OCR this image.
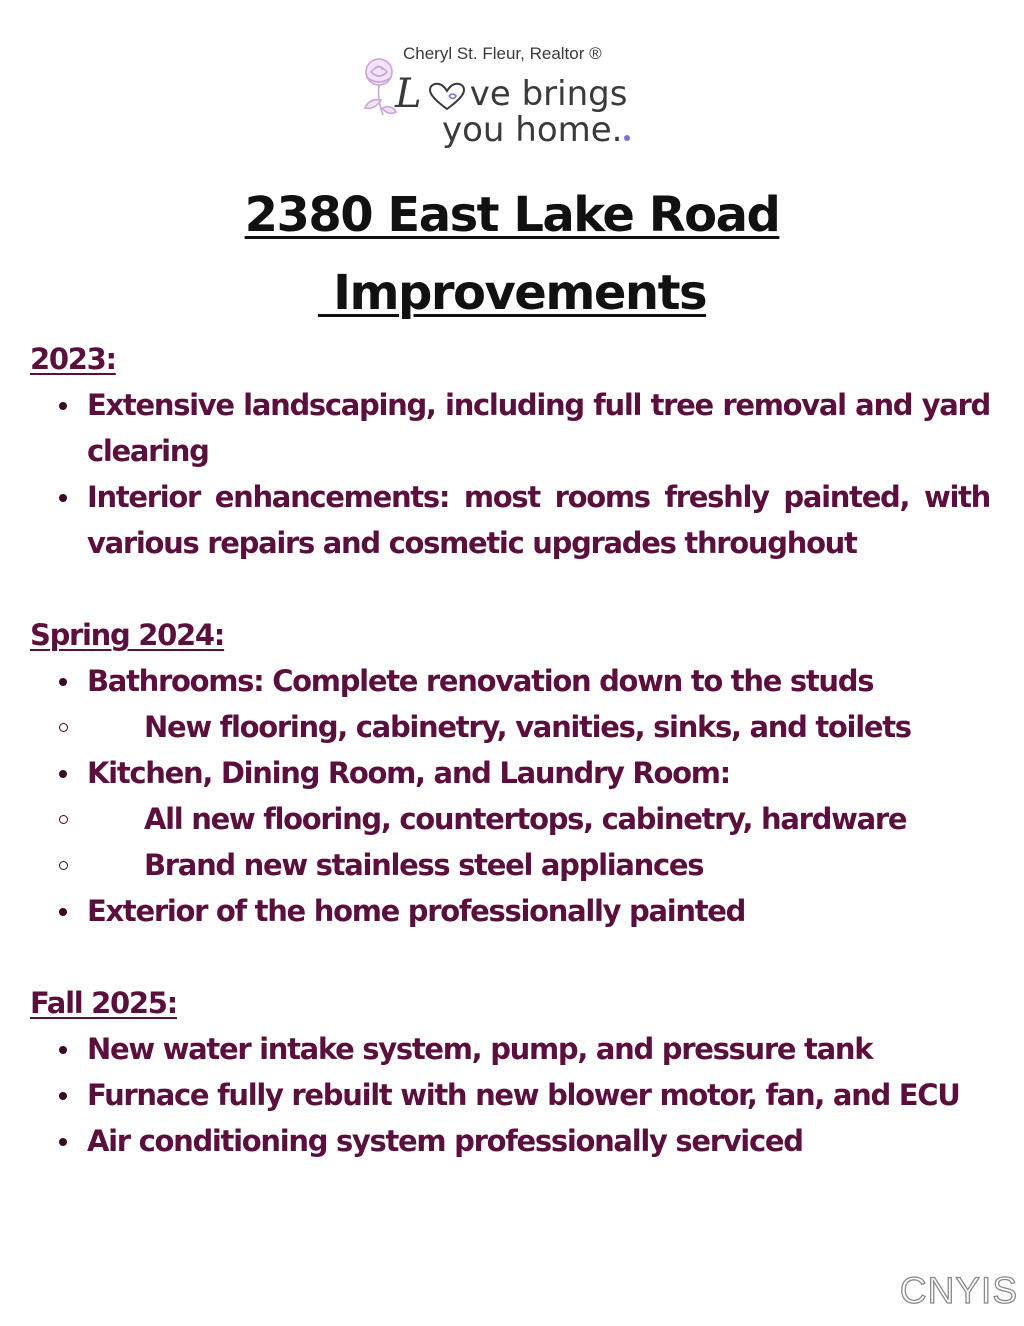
Cheryl St. Fleur, Realtor ®
L ve brings
you home.
2380 East Lake Road
Improvements
2023:
Extensive landscaping, including full tree removal and yard clearing
Interior enhancements: most rooms freshly painted, with various repairs and cosmetic upgrades throughout
Spring 2024:
Bathrooms: Complete renovation down to the studs
New flooring, cabinetry, vanities, sinks, and toilets
Kitchen, Dining Room, and Laundry Room:
All new flooring, countertops, cabinetry, hardware
Brand new stainless steel appliances
Exterior of the home professionally painted
Fall 2025:
New water intake system, pump, and pressure tank
Furnace fully rebuilt with new blower motor, fan, and ECU
Air conditioning system professionally serviced
CNYIS
